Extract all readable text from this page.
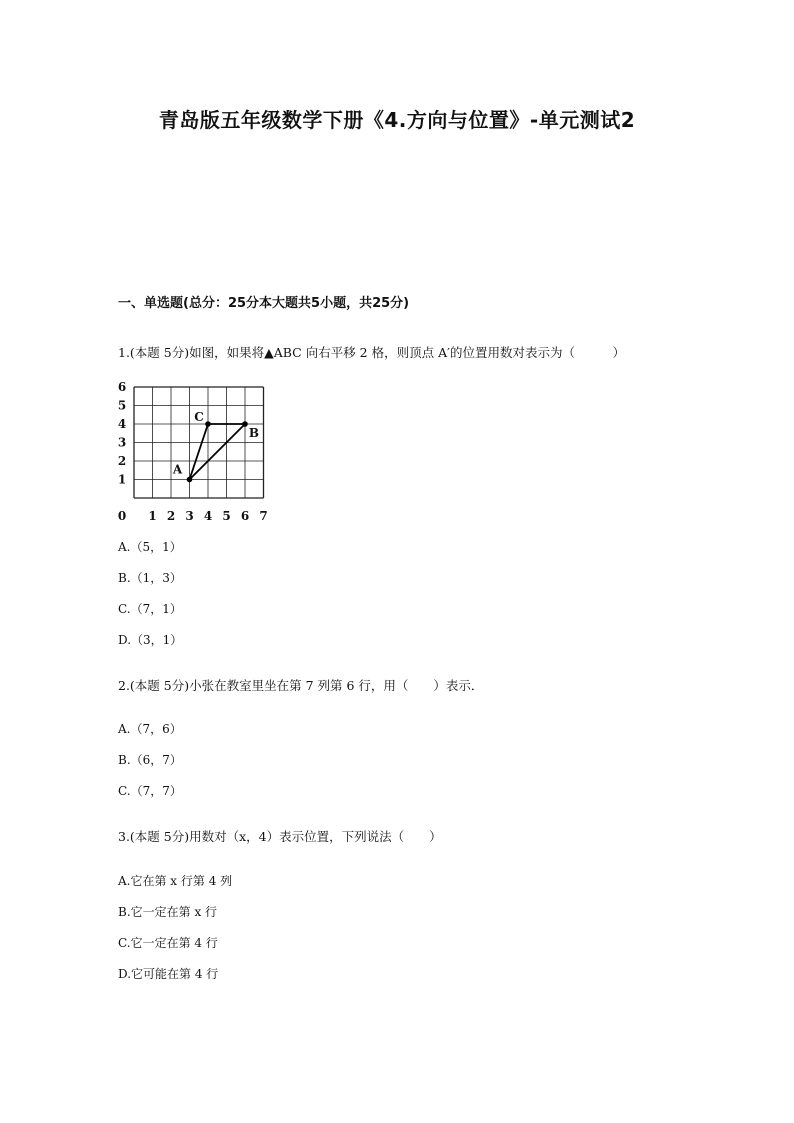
青岛版五年级数学下册《4.方向与位置》-单元测试2
一、单选题(总分：25分本大题共5小题，共25分)
1.(本题 5分)如图，如果将▲ABC 向右平移 2 格，则顶点 A′的位置用数对表示为（　　　）
0 1 2 3 4 5 6 7
1
2
3
4
5
6
A
B
C
A.（5，1）
B.（1，3）
C.（7，1）
D.（3，1）
2.(本题 5分)小张在教室里坐在第 7 列第 6 行，用（　　）表示．
A.（7，6）
B.（6，7）
C.（7，7）
3.(本题 5分)用数对（x，4）表示位置，下列说法（　　）
A.它在第 x 行第 4 列
B.它一定在第 x 行
C.它一定在第 4 行
D.它可能在第 4 行
